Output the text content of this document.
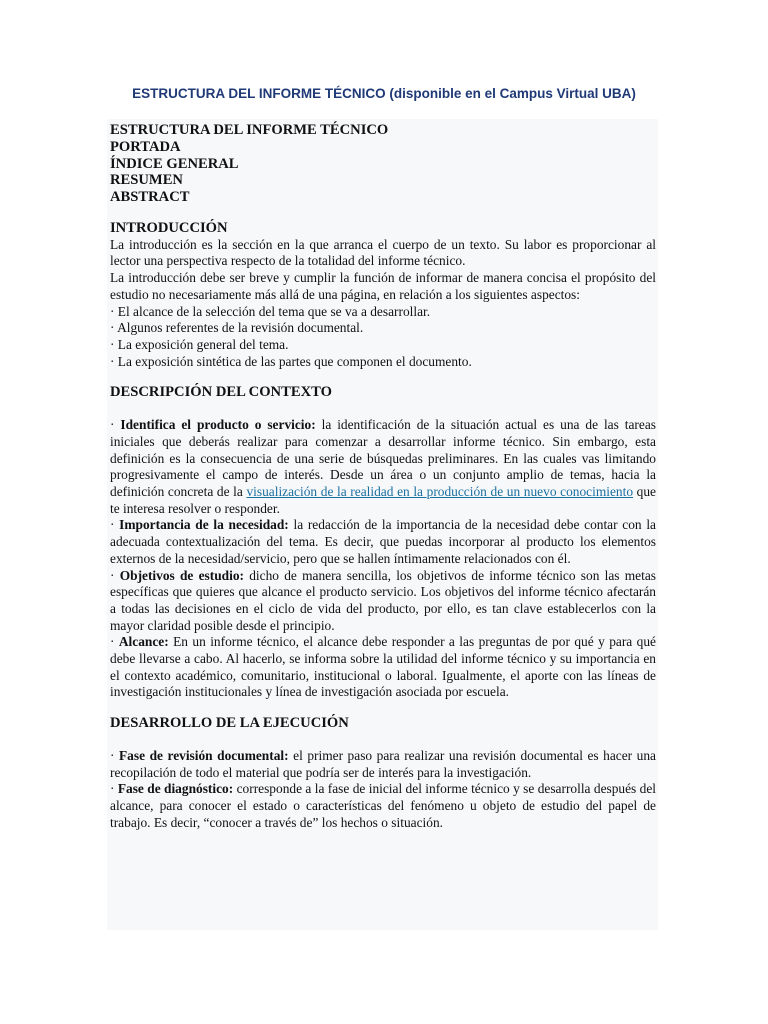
ESTRUCTURA DEL INFORME TÉCNICO (disponible en el Campus Virtual UBA)

ESTRUCTURA DEL INFORME TÉCNICO

PORTADA

ÍNDICE GENERAL

RESUMEN

ABSTRACT

INTRODUCCIÓN

La introducción es la sección en la que arranca el cuerpo de un texto. Su labor es proporcionar al lector una perspectiva respecto de la totalidad del informe técnico.

La introducción debe ser breve y cumplir la función de informar de manera concisa el propósito del estudio no necesariamente más allá de una página, en relación a los siguientes aspectos:

· El alcance de la selección del tema que se va a desarrollar.

· Algunos referentes de la revisión documental.

· La exposición general del tema.

· La exposición sintética de las partes que componen el documento.

DESCRIPCIÓN DEL CONTEXTO

· Identifica el producto o servicio: la identificación de la situación actual es una de las tareas iniciales que deberás realizar para comenzar a desarrollar informe técnico. Sin embargo, esta definición es la consecuencia de una serie de búsquedas preliminares. En las cuales vas limitando progresivamente el campo de interés. Desde un área o un conjunto amplio de temas, hacia la definición concreta de la visualización de la realidad en la producción de un nuevo conocimiento que te interesa resolver o responder.

· Importancia de la necesidad: la redacción de la importancia de la necesidad debe contar con la adecuada contextualización del tema. Es decir, que puedas incorporar al producto los elementos externos de la necesidad/servicio, pero que se hallen íntimamente relacionados con él.

· Objetivos de estudio: dicho de manera sencilla, los objetivos de informe técnico son las metas específicas que quieres que alcance el producto servicio. Los objetivos del informe técnico afectarán a todas las decisiones en el ciclo de vida del producto, por ello, es tan clave establecerlos con la mayor claridad posible desde el principio.

· Alcance: En un informe técnico, el alcance debe responder a las preguntas de por qué y para qué debe llevarse a cabo. Al hacerlo, se informa sobre la utilidad del informe técnico y su importancia en el contexto académico, comunitario, institucional o laboral. Igualmente, el aporte con las líneas de investigación institucionales y línea de investigación asociada por escuela.

DESARROLLO DE LA EJECUCIÓN

· Fase de revisión documental: el primer paso para realizar una revisión documental es hacer una recopilación de todo el material que podría ser de interés para la investigación.

· Fase de diagnóstico: corresponde a la fase de inicial del informe técnico y se desarrolla después del alcance, para conocer el estado o características del fenómeno u objeto de estudio del papel de trabajo. Es decir, “conocer a través de” los hechos o situación.
